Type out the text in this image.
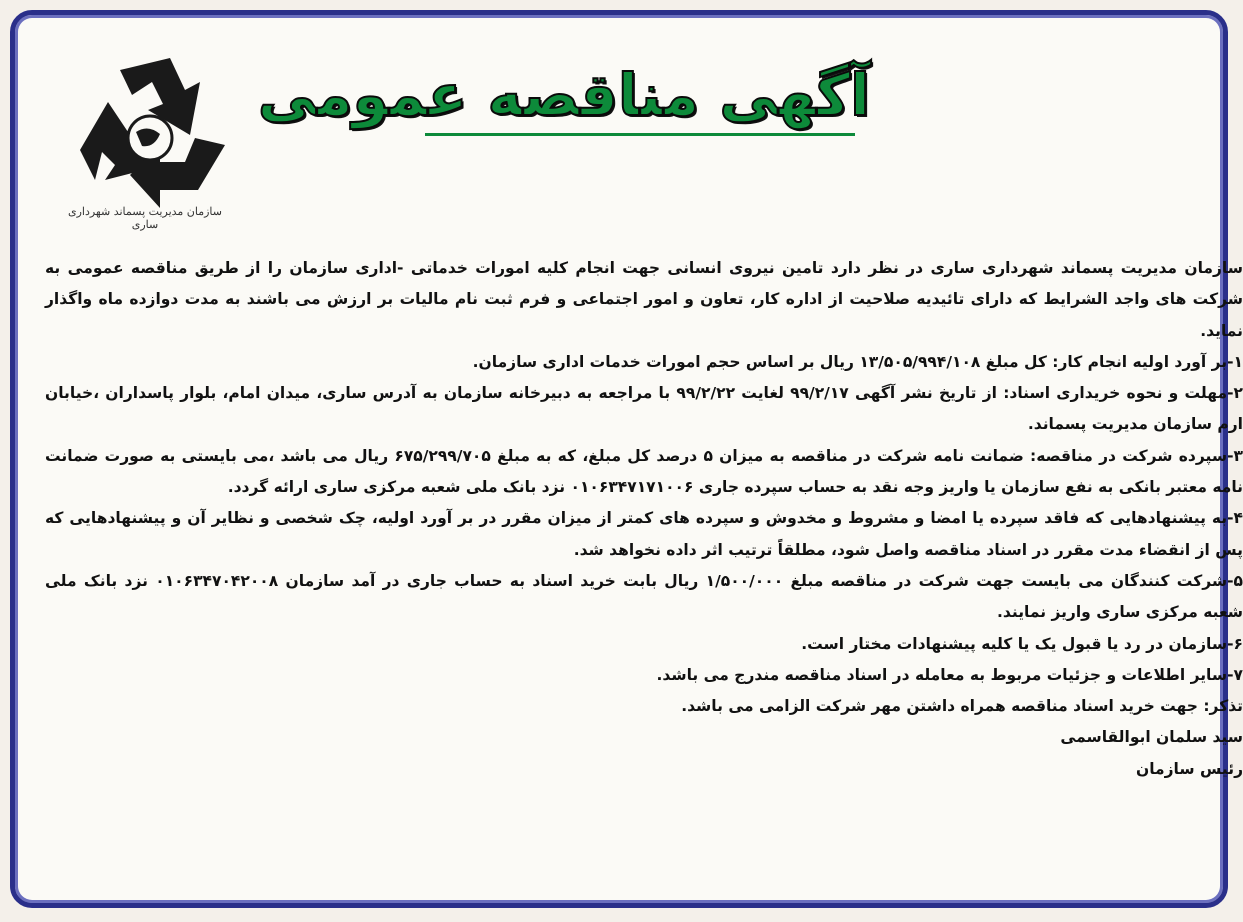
سازمان مدیریت پسماند شهرداری ساری
آگهی مناقصه عمومی

سازمان مدیریت پسماند شهرداری ساری در نظر دارد تامین نیروی انسانی جهت انجام کلیه امورات خدماتی -اداری سازمان را از طریق مناقصه عمومی به شرکت های واجد الشرایط که دارای تائیدیه صلاحیت از اداره کار، تعاون و امور اجتماعی و فرم ثبت نام مالیات بر ارزش می باشند به مدت دوازده ماه واگذار نماید.

۱-بر آورد اولیه انجام کار: کل مبلغ ۱۳/۵۰۵/۹۹۴/۱۰۸ ریال بر اساس حجم امورات خدمات اداری سازمان.

۲-مهلت و نحوه خریداری اسناد: از تاریخ نشر آگهی ۹۹/۲/۱۷ لغایت ۹۹/۲/۲۲ با مراجعه به دبیرخانه سازمان به آدرس ساری، میدان امام، بلوار پاسداران ،خیابان ارم سازمان مدیریت پسماند.

۳-سپرده شرکت در مناقصه: ضمانت نامه شرکت در مناقصه به میزان ۵ درصد کل مبلغ، که به مبلغ ۶۷۵/۲۹۹/۷۰۵ ریال می باشد ،می بایستی به صورت ضمانت نامه معتبر بانکی به نفع سازمان یا واریز وجه نقد به حساب سپرده جاری ۰۱۰۶۳۴۷۱۷۱۰۰۶ نزد بانک ملی شعبه مرکزی ساری ارائه گردد.

۴-به پیشنهادهایی که فاقد سپرده یا امضا و مشروط و مخدوش و سپرده های کمتر از میزان مقرر در بر آورد اولیه، چک شخصی و نظایر آن و پیشنهادهایی که پس از انقضاء مدت مقرر در اسناد مناقصه واصل شود، مطلقاً ترتیب اثر داده نخواهد شد.

۵-شرکت کنندگان می بایست جهت شرکت در مناقصه مبلغ ۱/۵۰۰/۰۰۰ ریال بابت خرید اسناد به حساب جاری در آمد سازمان ۰۱۰۶۳۴۷۰۴۲۰۰۸ نزد بانک ملی شعبه مرکزی ساری واریز نمایند.

۶-سازمان در رد یا قبول یک یا کلیه پیشنهادات مختار است.

۷-سایر اطلاعات و جزئیات مربوط به معامله در اسناد مناقصه مندرج می باشد.

تذکر: جهت خرید اسناد مناقصه همراه داشتن مهر شرکت الزامی می باشد.

سید سلمان ابوالقاسمی

رئیس سازمان
